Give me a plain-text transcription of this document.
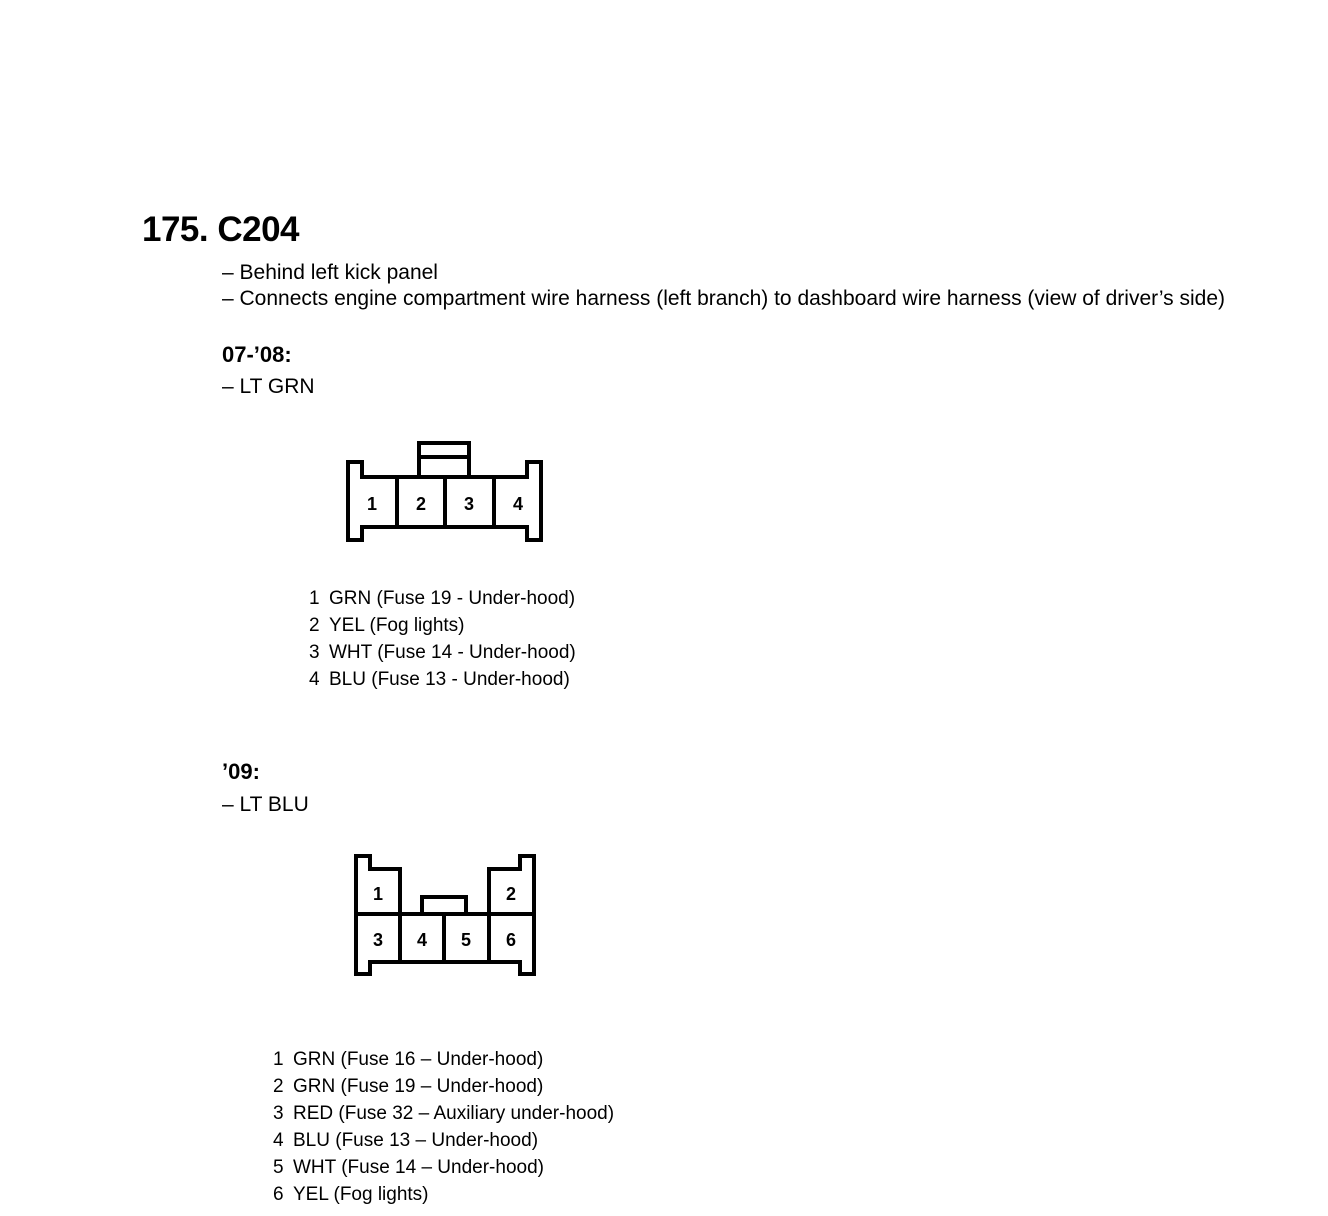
175. C204
– Behind left kick panel
– Connects engine compartment wire harness (left branch) to dashboard wire harness (view of driver’s side)
07-’08:
– LT GRN
1 GRN (Fuse 19 - Under-hood)
2 YEL (Fog lights)
3 WHT (Fuse 14 - Under-hood)
4 BLU (Fuse 13 - Under-hood)
’09:
– LT BLU
1 GRN (Fuse 16 – Under-hood)
2 GRN (Fuse 19 – Under-hood)
3 RED (Fuse 32 – Auxiliary under-hood)
4 BLU (Fuse 13 – Under-hood)
5 WHT (Fuse 14 – Under-hood)
6 YEL (Fog lights)
1 2 3 4
1	2
3 4 5 6
